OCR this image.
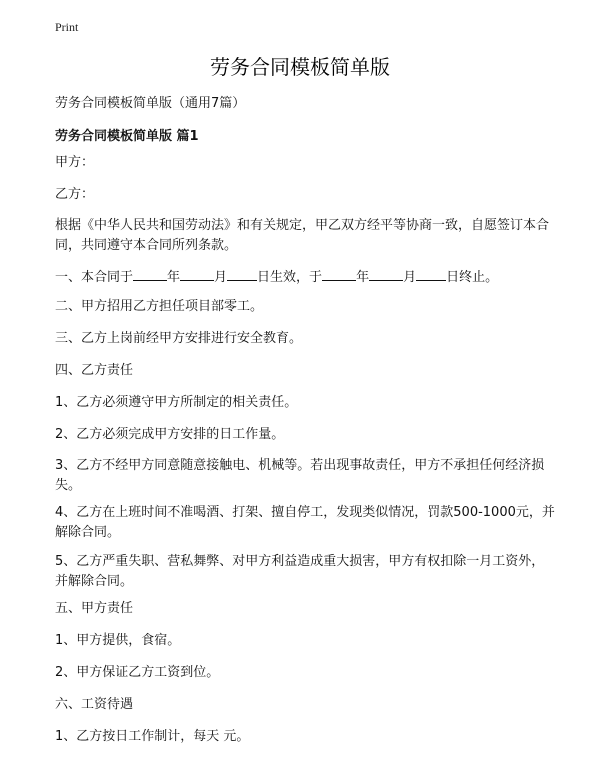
Print
劳务合同模板简单版
劳务合同模板简单版（通用7篇）
劳务合同模板简单版 篇1
甲方：
乙方：
根据《中华人民共和国劳动法》和有关规定，甲乙双方经平等协商一致，自愿签订本合同，共同遵守本合同所列条款。
一、本合同于	年	月 日生效，于	年	月 日终止。
二、甲方招用乙方担任项目部零工。
三、乙方上岗前经甲方安排进行安全教育。
四、乙方责任
1、乙方必须遵守甲方所制定的相关责任。
2、乙方必须完成甲方安排的日工作量。
3、乙方不经甲方同意随意接触电、机械等。若出现事故责任，甲方不承担任何经济损失。
4、乙方在上班时间不准喝酒、打架、擅自停工，发现类似情况，罚款500-1000元，并解除合同。
5、乙方严重失职、营私舞弊、对甲方利益造成重大损害，甲方有权扣除一月工资外，并解除合同。
五、甲方责任
1、甲方提供，食宿。
2、甲方保证乙方工资到位。
六、工资待遇
1、乙方按日工作制计，每天 元。
